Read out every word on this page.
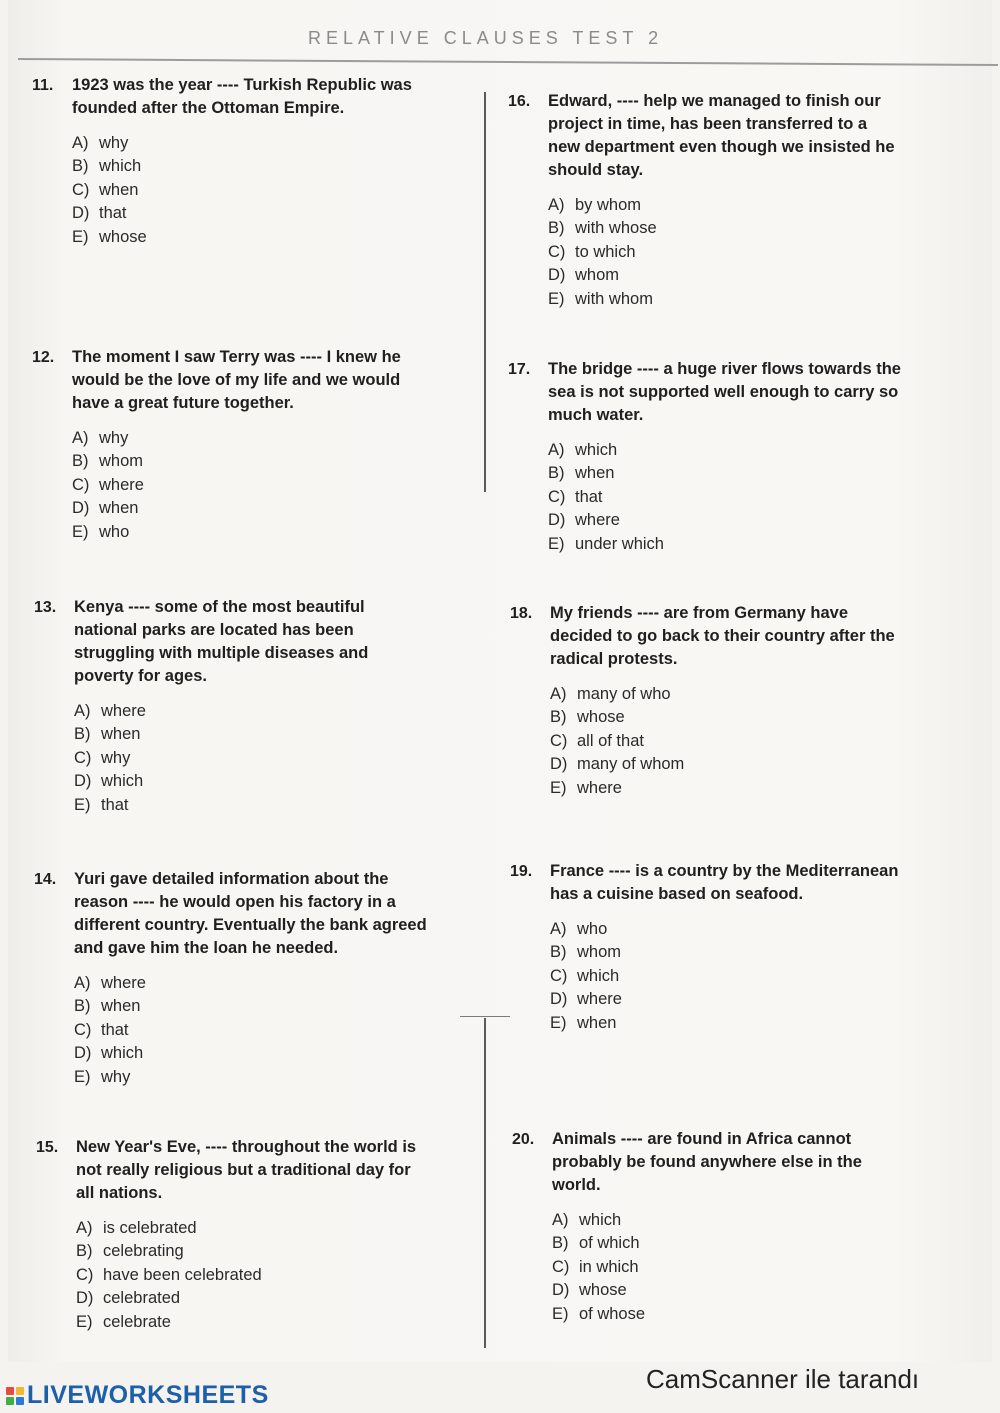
RELATIVE CLAUSES TEST 2
11.	1923 was the year ---- Turkish Republic was founded after the Ottoman Empire.
A) why
B) which
C) when
D) that
E) whose
12.	The moment I saw Terry was ---- I knew he would be the love of my life and we would have a great future together.
A) why
B) whom
C) where
D) when
E) who
13.	Kenya ---- some of the most beautiful national parks are located has been struggling with multiple diseases and poverty for ages.
A) where
B) when
C) why
D) which
E) that
14.	Yuri gave detailed information about the reason ---- he would open his factory in a different country. Eventually the bank agreed and gave him the loan he needed.
A) where
B) when
C) that
D) which
E) why
15.	New Year's Eve, ---- throughout the world is not really religious but a traditional day for all nations.
A) is celebrated
B) celebrating
C) have been celebrated
D) celebrated
E) celebrate
16.	Edward, ---- help we managed to finish our project in time, has been transferred to a new department even though we insisted he should stay.
A) by whom
B) with whose
C) to which
D) whom
E) with whom
17.	The bridge ---- a huge river flows towards the sea is not supported well enough to carry so much water.
A) which
B) when
C) that
D) where
E) under which
18.	My friends ---- are from Germany have decided to go back to their country after the radical protests.
A) many of who
B) whose
C) all of that
D) many of whom
E) where
19.	France ---- is a country by the Mediterranean has a cuisine based on seafood.
A) who
B) whom
C) which
D) where
E) when
20.	Animals ---- are found in Africa cannot probably be found anywhere else in the world.
A) which
B) of which
C) in which
D) whose
E) of whose
LIVEWORKSHEETS
CamScanner ile tarandı
